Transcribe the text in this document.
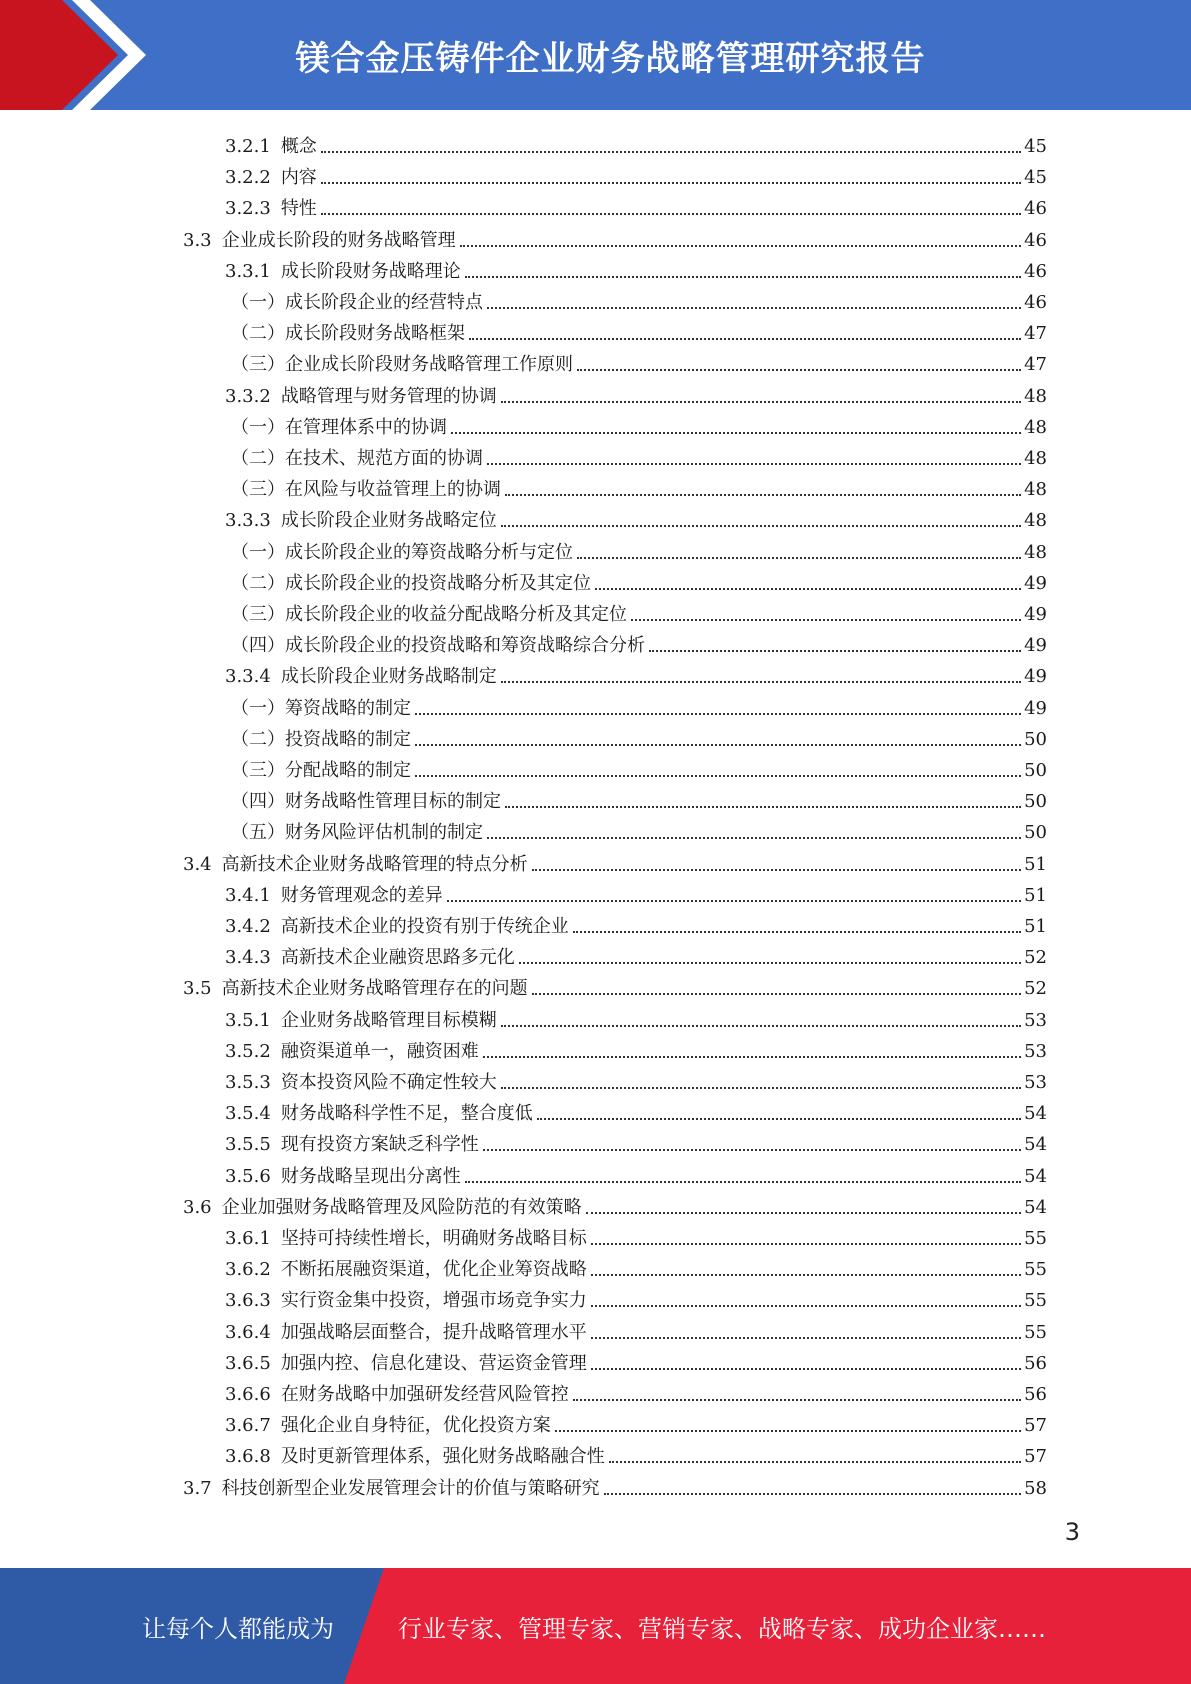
镁合金压铸件企业财务战略管理研究报告
3.2.1 概念	45
3.2.2 内容	45
3.2.3 特性	46
3.3 企业成长阶段的财务战略管理	46
3.3.1 成长阶段财务战略理论	46
（一） 成长阶段企业的经营特点	46
（二） 成长阶段财务战略框架	47
（三） 企业成长阶段财务战略管理工作原则	47
3.3.2 战略管理与财务管理的协调	48
（一） 在管理体系中的协调	48
（二） 在技术、规范方面的协调	48
（三） 在风险与收益管理上的协调	48
3.3.3 成长阶段企业财务战略定位	48
（一） 成长阶段企业的筹资战略分析与定位	48
（二） 成长阶段企业的投资战略分析及其定位	49
（三） 成长阶段企业的收益分配战略分析及其定位	49
（四） 成长阶段企业的投资战略和筹资战略综合分析	49
3.3.4 成长阶段企业财务战略制定	49
（一） 筹资战略的制定	49
（二） 投资战略的制定	50
（三） 分配战略的制定	50
（四） 财务战略性管理目标的制定	50
（五） 财务风险评估机制的制定	50
3.4 高新技术企业财务战略管理的特点分析	51
3.4.1 财务管理观念的差异	51
3.4.2 高新技术企业的投资有别于传统企业	51
3.4.3 高新技术企业融资思路多元化	52
3.5 高新技术企业财务战略管理存在的问题	52
3.5.1 企业财务战略管理目标模糊	53
3.5.2 融资渠道单一，融资困难	53
3.5.3 资本投资风险不确定性较大	53
3.5.4 财务战略科学性不足，整合度低	54
3.5.5 现有投资方案缺乏科学性	54
3.5.6 财务战略呈现出分离性	54
3.6 企业加强财务战略管理及风险防范的有效策略	54
3.6.1 坚持可持续性增长，明确财务战略目标	55
3.6.2 不断拓展融资渠道，优化企业筹资战略	55
3.6.3 实行资金集中投资，增强市场竞争实力	55
3.6.4 加强战略层面整合，提升战略管理水平	55
3.6.5 加强内控、信息化建设、营运资金管理	56
3.6.6 在财务战略中加强研发经营风险管控	56
3.6.7 强化企业自身特征，优化投资方案	57
3.6.8 及时更新管理体系，强化财务战略融合性	57
3.7 科技创新型企业发展管理会计的价值与策略研究	58
3
让每个人都能成为	行业专家、管理专家、营销专家、战略专家、成功企业家……
